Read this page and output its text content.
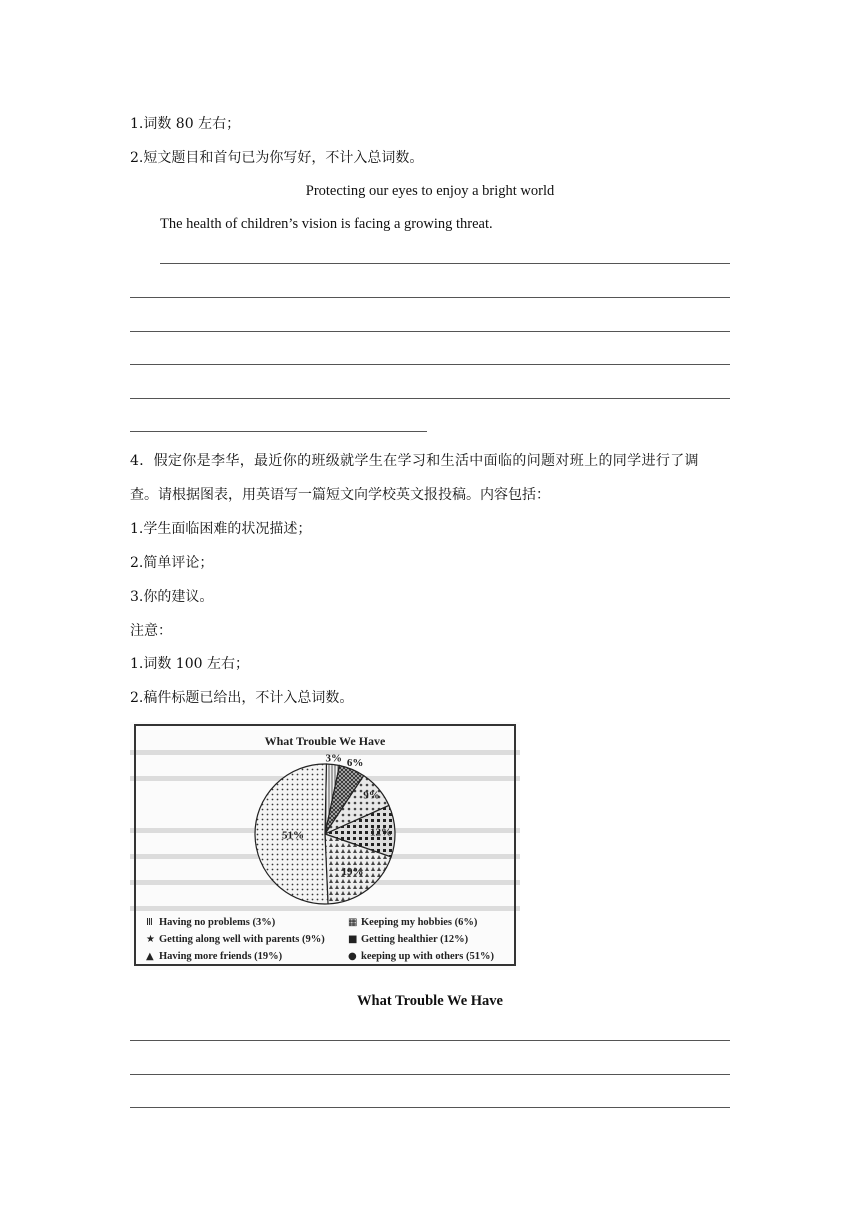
1.词数 80 左右；
2.短文题目和首句已为你写好，不计入总词数。
Protecting our eyes to enjoy a bright world
The health of children’s vision is facing a growing threat.
4．假定你是李华，最近你的班级就学生在学习和生活中面临的问题对班上的同学进行了调
查。请根据图表，用英语写一篇短文向学校英文报投稿。内容包括：
1.学生面临困难的状况描述；
2.简单评论；
3.你的建议。
注意：
1.词数 100 左右；
2.稿件标题已给出，不计入总词数。
What Trouble We Have
3% 6%
9%
12%
19%
51%
Ⅲ Having no problems (3%)	▦ Keeping my hobbies (6%)
★ Getting along well with parents (9%) ■ Getting healthier (12%)
▲ Having more friends (19%)	● keeping up with others (51%)
What Trouble We Have
